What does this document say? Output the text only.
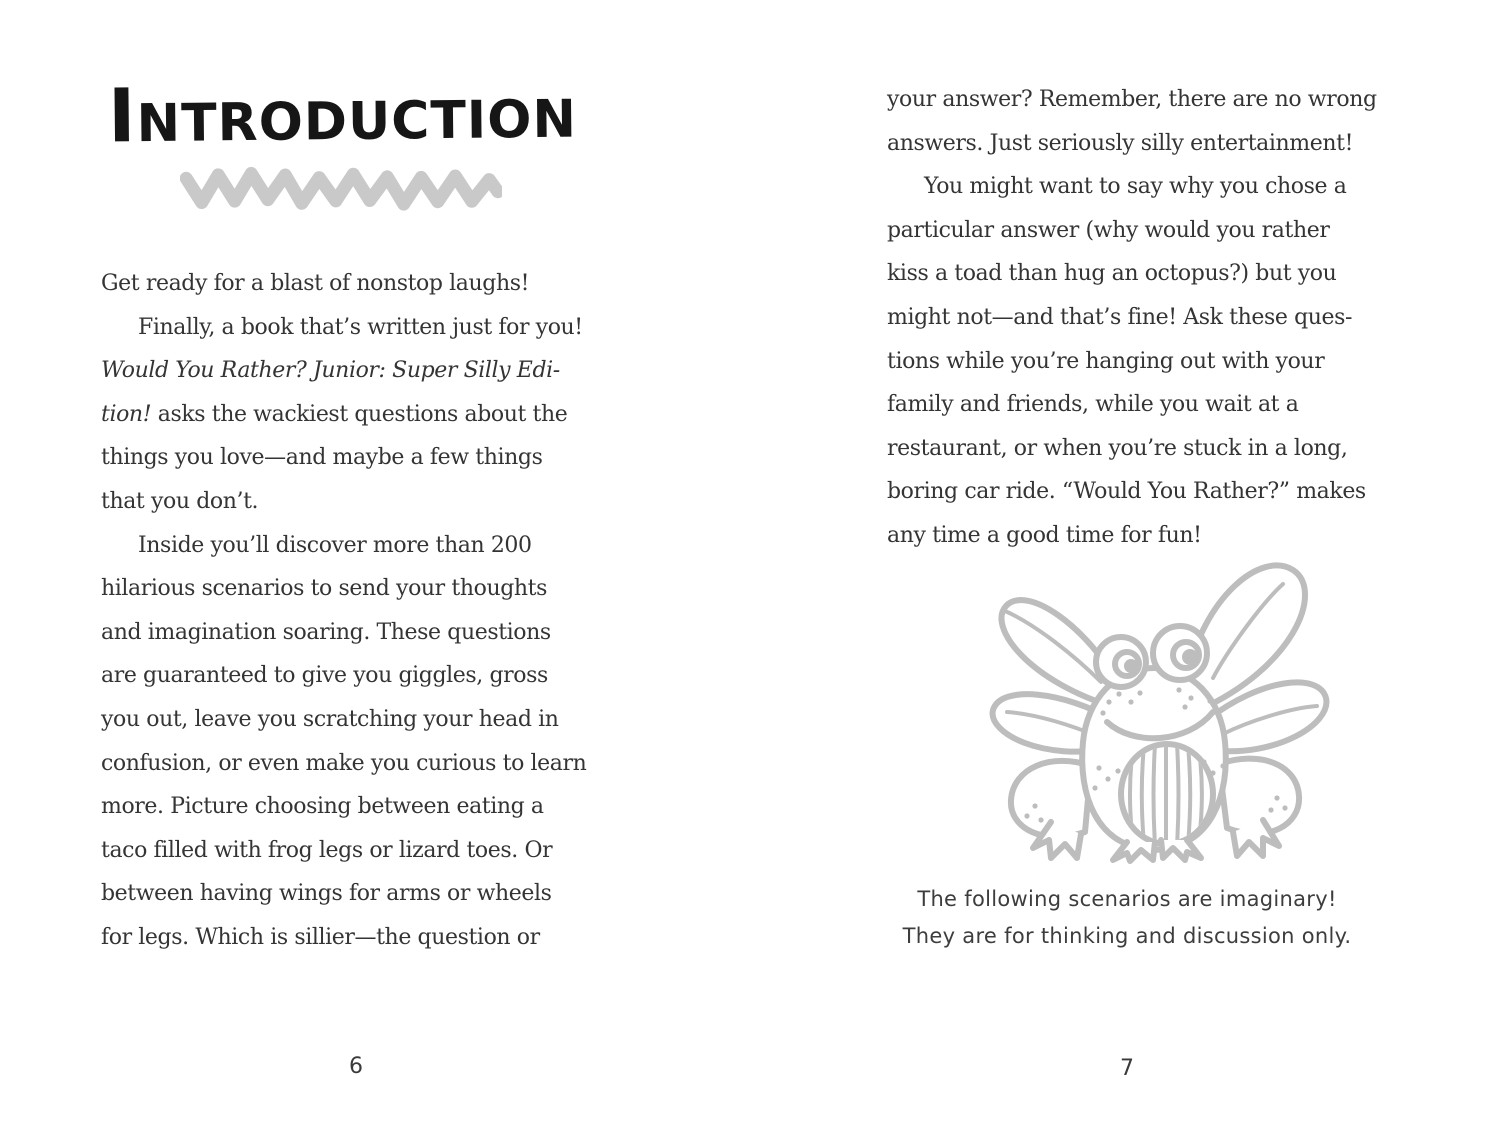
Introduction
Get ready for a blast of nonstop laughs!
Finally, a book that’s written just for you!
Would You Rather? Junior: Super Silly Edi-
tion! asks the wackiest questions about the
things you love—and maybe a few things
that you don’t.
Inside you’ll discover more than 200
hilarious scenarios to send your thoughts
and imagination soaring. These questions
are guaranteed to give you giggles, gross
you out, leave you scratching your head in
confusion, or even make you curious to learn
more. Picture choosing between eating a
taco filled with frog legs or lizard toes. Or
between having wings for arms or wheels
for legs. Which is sillier—the question or
6
your answer? Remember, there are no wrong
answers. Just seriously silly entertainment!
You might want to say why you chose a
particular answer (why would you rather
kiss a toad than hug an octopus?) but you
might not—and that’s fine! Ask these ques-
tions while you’re hanging out with your
family and friends, while you wait at a
restaurant, or when you’re stuck in a long,
boring car ride. “Would You Rather?” makes
any time a good time for fun!
The following scenarios are imaginary!
They are for thinking and discussion only.
7
